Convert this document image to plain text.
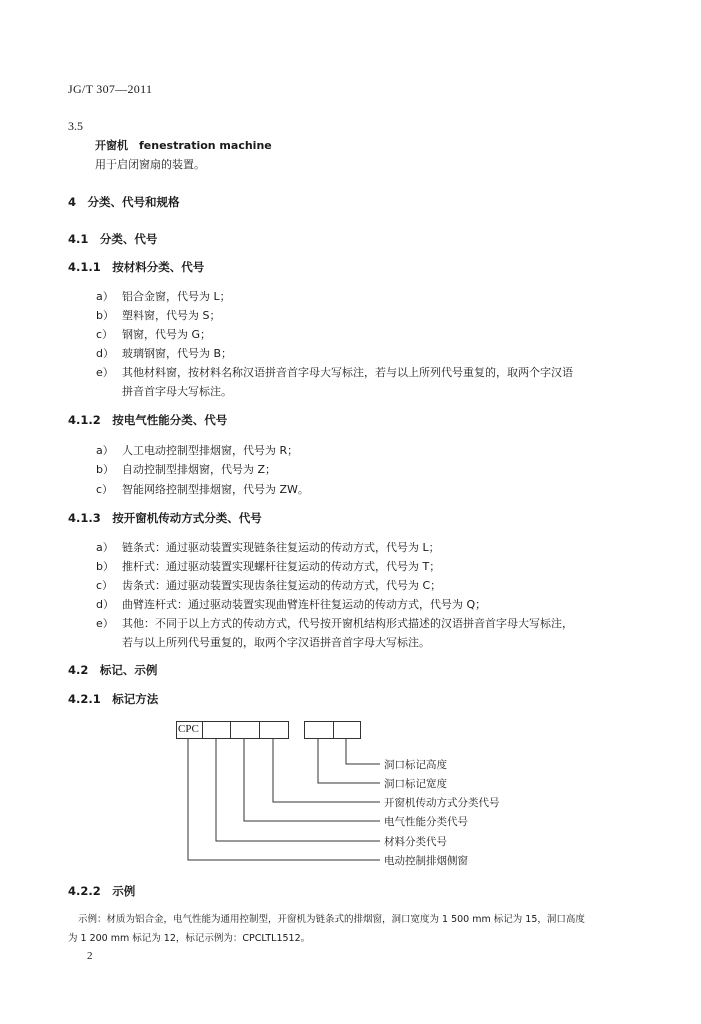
JG/T 307—2011
3.5
开窗机　fenestration machine
用于启闭窗扇的装置。
4　分类、代号和规格
4.1　分类、代号
4.1.1　按材料分类、代号
a） 铝合金窗，代号为 L；
b） 塑料窗，代号为 S；
c） 钢窗，代号为 G；
d） 玻璃钢窗，代号为 B；
e） 其他材料窗，按材料名称汉语拼音首字母大写标注，若与以上所列代号重复的，取两个字汉语
拼音首字母大写标注。
4.1.2　按电气性能分类、代号
a） 人工电动控制型排烟窗，代号为 R；
b） 自动控制型排烟窗，代号为 Z；
c） 智能网络控制型排烟窗，代号为 ZW。
4.1.3　按开窗机传动方式分类、代号
a） 链条式：通过驱动装置实现链条往复运动的传动方式，代号为 L；
b） 推杆式：通过驱动装置实现螺杆往复运动的传动方式，代号为 T；
c） 齿条式：通过驱动装置实现齿条往复运动的传动方式，代号为 C；
d） 曲臂连杆式：通过驱动装置实现曲臂连杆往复运动的传动方式，代号为 Q；
e） 其他：不同于以上方式的传动方式，代号按开窗机结构形式描述的汉语拼音首字母大写标注，
若与以上所列代号重复的，取两个字汉语拼音首字母大写标注。
4.2　标记、示例
4.2.1　标记方法
CPC
洞口标记高度
洞口标记宽度
开窗机传动方式分类代号
电气性能分类代号
材料分类代号
电动控制排烟侧窗
4.2.2　示例
示例：材质为铝合金，电气性能为通用控制型，开窗机为链条式的排烟窗，洞口宽度为 1 500 mm 标记为 15，洞口高度
为 1 200 mm 标记为 12，标记示例为：CPCLTL1512。
2
